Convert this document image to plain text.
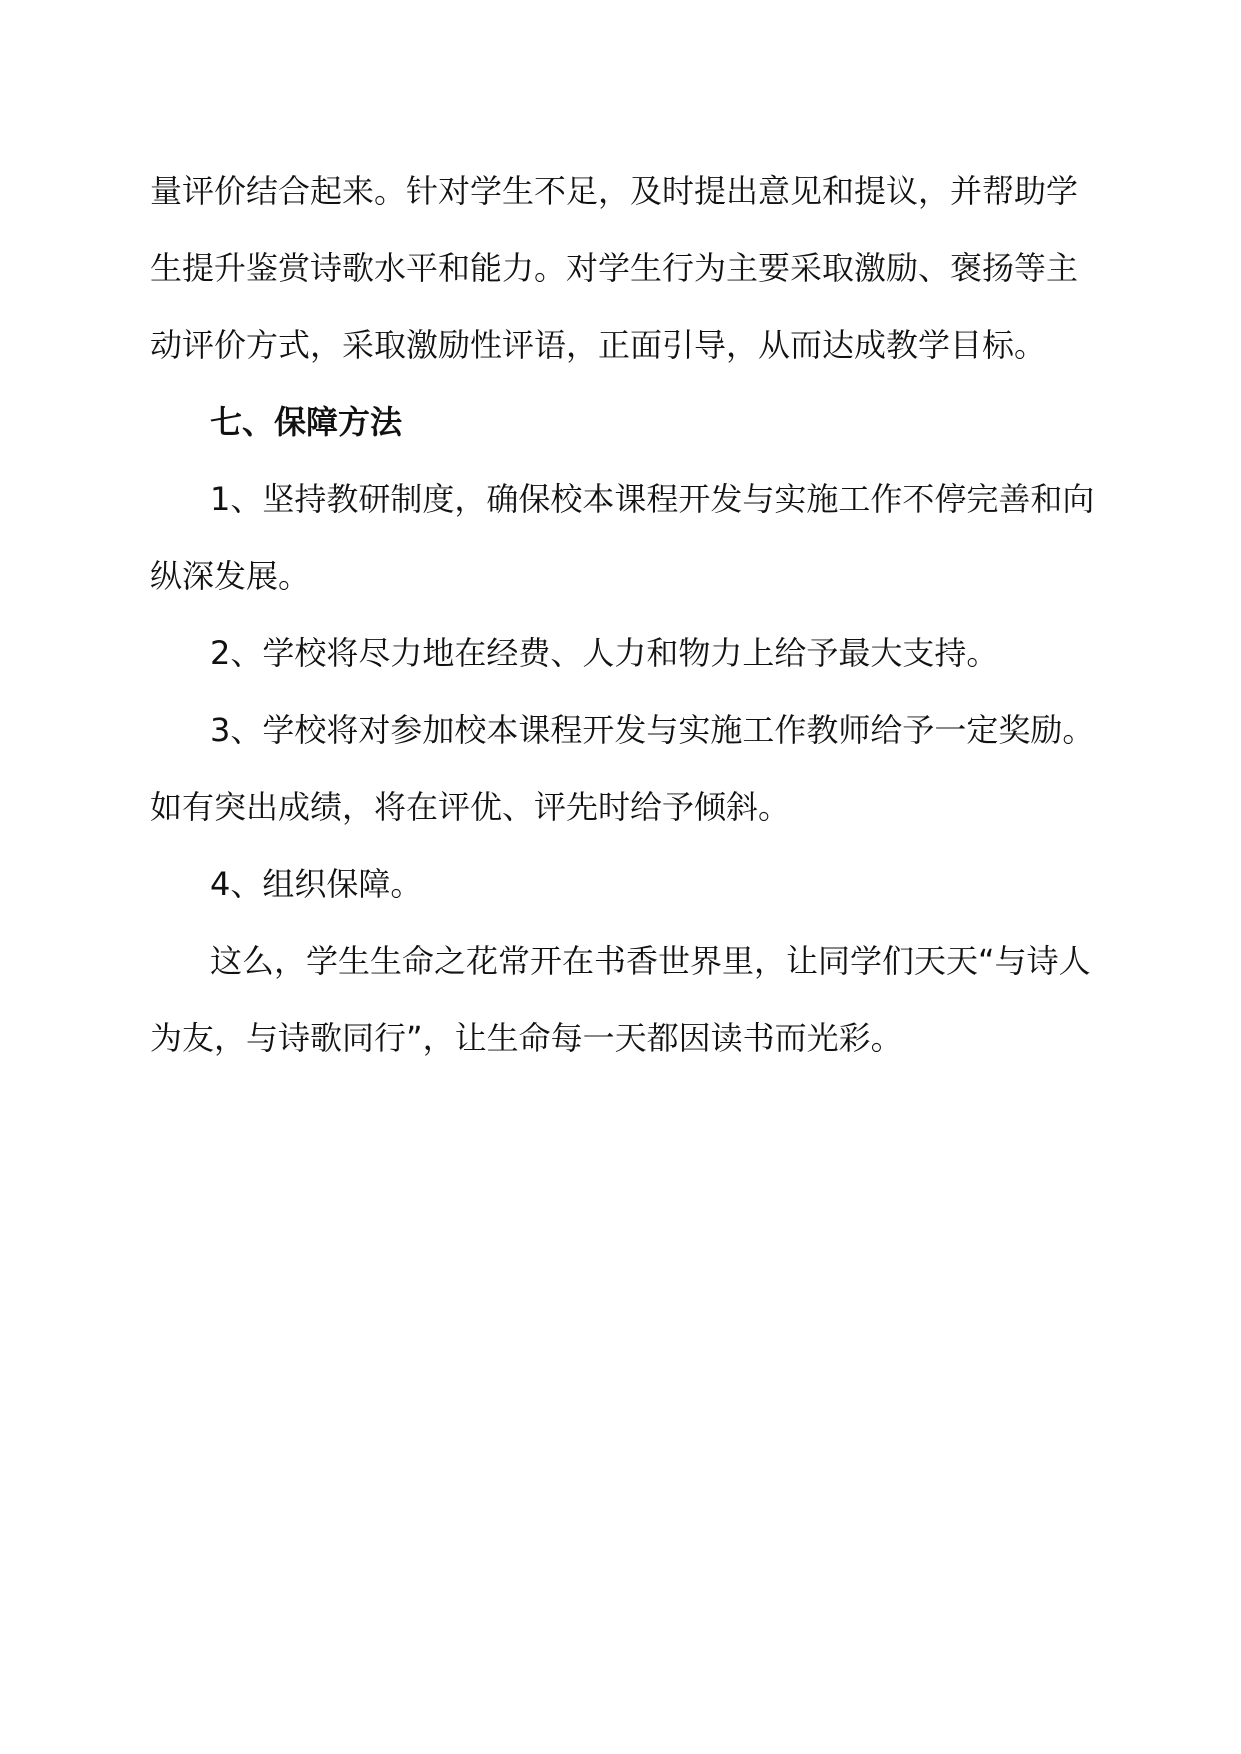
量评价结合起来。针对学生不足，及时提出意见和提议，并帮助学生提升鉴赏诗歌水平和能力。对学生行为主要采取激励、褒扬等主动评价方式，采取激励性评语，正面引导，从而达成教学目标。

七、保障方法

1、坚持教研制度，确保校本课程开发与实施工作不停完善和向纵深发展。

2、学校将尽力地在经费、人力和物力上给予最大支持。

3、学校将对参加校本课程开发与实施工作教师给予一定奖励。如有突出成绩，将在评优、评先时给予倾斜。

4、组织保障。

这么，学生生命之花常开在书香世界里，让同学们天天“与诗人为友，与诗歌同行”，让生命每一天都因读书而光彩。
